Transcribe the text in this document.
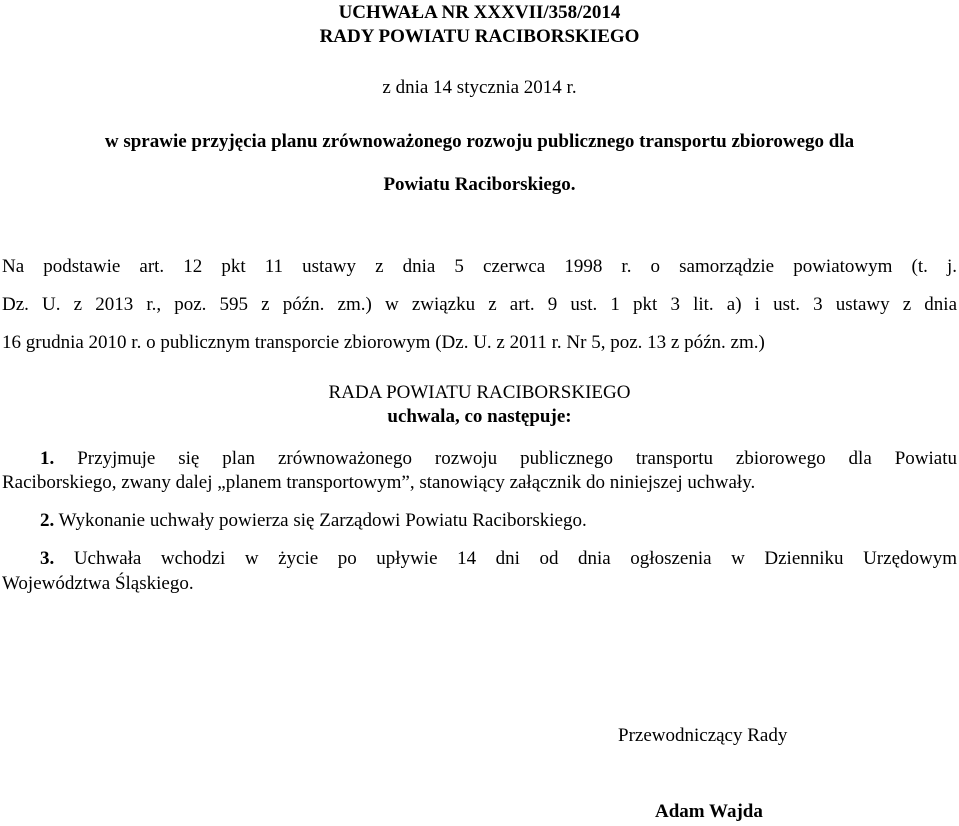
UCHWAŁA NR XXXVII/358/2014
RADY POWIATU RACIBORSKIEGO
z dnia 14 stycznia 2014 r.
w sprawie przyjęcia planu zrównoważonego rozwoju publicznego transportu zbiorowego dla
Powiatu Raciborskiego.
Na podstawie art. 12 pkt 11 ustawy z dnia 5 czerwca 1998 r. o samorządzie powiatowym (t. j.
Dz. U. z 2013 r., poz. 595 z późn. zm.) w związku z art. 9 ust. 1 pkt 3 lit. a) i ust. 3 ustawy z dnia
16 grudnia 2010 r. o publicznym transporcie zbiorowym (Dz. U. z 2011 r. Nr 5, poz. 13 z późn. zm.)
RADA POWIATU RACIBORSKIEGO
uchwala, co następuje:
1. Przyjmuje się plan zrównoważonego rozwoju publicznego transportu zbiorowego dla Powiatu
Raciborskiego, zwany dalej „planem transportowym”, stanowiący załącznik do niniejszej uchwały.
2. Wykonanie uchwały powierza się Zarządowi Powiatu Raciborskiego.
3. Uchwała wchodzi w życie po upływie 14 dni od dnia ogłoszenia w Dzienniku Urzędowym
Województwa Śląskiego.
Przewodniczący Rady
Adam Wajda
